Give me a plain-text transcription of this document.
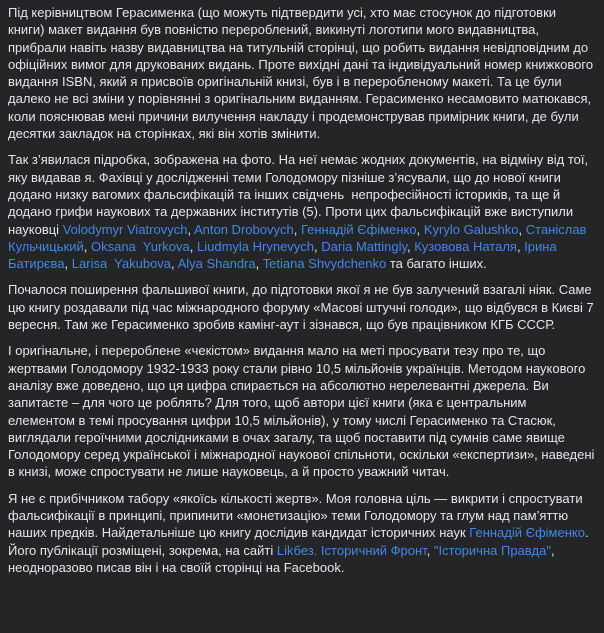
Під керівництвом Герасименка (що можуть підтвердити усі, хто має стосунок до підготовки книги) макет видання був повністю перероблений, викинуті логотипи мого видавництва, прибрали навіть назву видавництва на титульній сторінці, що робить видання невідповідним до офіційних вимог для друкованих видань. Проте вихідні дані та індивідуальний номер книжкового видання ISBN, який я присвоїв оригінальній книзі, був і в переробленому макеті. Та це були далеко не всі зміни у порівнянні з оригінальним виданням. Герасименко несамовито матюкався, коли пояснював мені причини вилучення накладу і продемонстрував примірник книги, де були десятки закладок на сторінках, які він хотів змінити.

Так з’явилася підробка, зображена на фото. На неї немає жодних документів, на відміну від тої, яку видавав я. Фахівці у дослідженні теми Голодомору пізніше з’ясували, що до нової книги додано низку вагомих фальсифікацій та інших свідчень  непрофесійності істориків, та ще й додано грифи наукових та державних інститутів (5). Проти цих фальсифікацій вже виступили науковці Volodymyr Viatrovych, Anton Drobovych, Геннадій Єфіменко, Kyrylo Galushko, Станіслав Кульчицький, Oksana  Yurkova, Liudmyla Hrynevych, Daria Mattingly, Кузовова Наталя, Ірина Батирєва, Larisa  Yakubova, Alya Shandra, Tetiana Shvydchenko та багато інших.

Почалося поширення фальшивої книги, до підготовки якої я не був залучений взагалі ніяк. Саме цю книгу роздавали під час міжнародного форуму «Масові штучні голоди», що відбувся в Києві 7 вересня. Там же Герасименко зробив камінг-аут і зізнався, що був працівником КГБ СССР.

І оригінальне, і перероблене «чекістом» видання мало на меті просувати тезу про те, що жертвами Голодомору 1932-1933 року стали рівно 10,5 мільйонів українців. Методом наукового аналізу вже доведено, що ця цифра спирається на абсолютно нерелевантні джерела. Ви запитаєте – для чого це роблять? Для того, щоб автори цієї книги (яка є центральним елементом в темі просування цифри 10,5 мільйонів), у тому числі Герасименко та Стасюк, виглядали героїчними дослідниками в очах загалу, та щоб поставити під сумнів саме явище Голодомору серед української і міжнародної наукової спільноти, оскільки «експертизи», наведені в книзі, може спростувати не лише науковець, а й просто уважний читач.

Я не є прибічником табору «якоїсь кількості жертв». Моя головна ціль — викрити і спростувати фальсифікації в принципі, припинити «монетизацію» теми Голодомору та глум над пам’яттю наших предків. Найдетальніше цю книгу дослідив кандидат історичних наук Геннадій Єфіменко. Його публікації розміщені, зокрема, на сайті Likбез. Історичний Фронт, "Історична Правда", неодноразово писав він і на своїй сторінці на Facebook.
